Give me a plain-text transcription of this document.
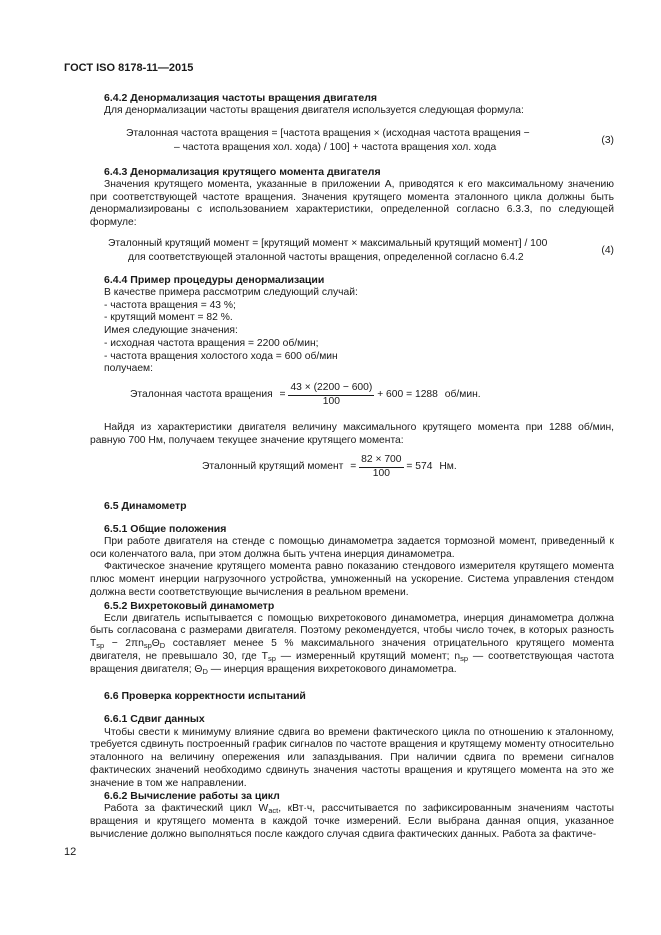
ГОСТ ISO 8178-11—2015
6.4.2 Денормализация частоты вращения двигателя

Для денормализации частоты вращения двигателя используется следующая формула:

Эталонная частота вращения = [частота вращения × (исходная частота вращения −
– частота вращения хол. хода) / 100] + частота вращения хол. хода
(3)
6.4.3 Денормализация крутящего момента двигателя

Значения крутящего момента, указанные в приложении А, приводятся к его максимальному значению при соответствующей частоте вращения. Значения крутящего момента эталонного цикла должны быть денормализированы с использованием характеристики, определенной согласно 6.3.3, по следующей формуле:

Эталонный крутящий момент = [крутящий момент × максимальный крутящий момент] / 100
для соответствующей эталонной частоты вращения, определенной согласно 6.4.2
(4)
6.4.4 Пример процедуры денормализации

В качестве примера рассмотрим следующий случай:

- частота вращения = 43 %;

- крутящий момент = 82 %.

Имея следующие значения:

- исходная частота вращения = 2200 об/мин;

- частота вращения холостого хода = 600 об/мин

получаем:

Эталонная частота вращения = $\frac{43 \times (2200 - 600)}{100} + 600 = 1288$ об/мин.

Найдя из характеристики двигателя величину максимального крутящего момента при 1288 об/мин, равную 700 Нм, получаем текущее значение крутящего момента:

Эталонный крутящий момент = $\frac{82 \times 700}{100} = 574$ Нм.
6.5 Динамометр
6.5.1 Общие положения

При работе двигателя на стенде с помощью динамометра задается тормозной момент, приведенный к оси коленчатого вала, при этом должна быть учтена инерция динамометра.

Фактическое значение крутящего момента равно показанию стендового измерителя крутящего момента плюс момент инерции нагрузочного устройства, умноженный на ускорение. Система управления стендом должна вести соответствующие вычисления в реальном времени.

6.5.2 Вихретоковый динамометр

Если двигатель испытывается с помощью вихретокового динамометра, инерция динамометра должна быть согласована с размерами двигателя. Поэтому рекомендуется, чтобы число точек, в которых разность $T_{sp} - 2\pi n_{sp}\Theta_D$ составляет менее 5 % максимального значения отрицательного крутящего момента двигателя, не превышало 30, где $T_{sp}$ — измеренный крутящий момент; $n_{sp}$ — соответствующая частота вращения двигателя; $\Theta_D$ — инерция вращения вихретокового динамометра.

6.6 Проверка корректности испытаний
6.6.1 Сдвиг данных

Чтобы свести к минимуму влияние сдвига во времени фактического цикла по отношению к эталонному, требуется сдвинуть построенный график сигналов по частоте вращения и крутящему моменту относительно эталонного на величину опережения или запаздывания. При наличии сдвига по времени сигналов фактических значений необходимо сдвинуть значения частоты вращения и крутящего момента на это же значение в том же направлении.

6.6.2 Вычисление работы за цикл

Работа за фактический цикл $W_{act}$, кВт·ч, рассчитывается по зафиксированным значениям частоты вращения и крутящего момента в каждой точке измерений. Если выбрана данная опция, указанное вычисление должно выполняться после каждого случая сдвига фактических данных. Работа за фактиче-

12
